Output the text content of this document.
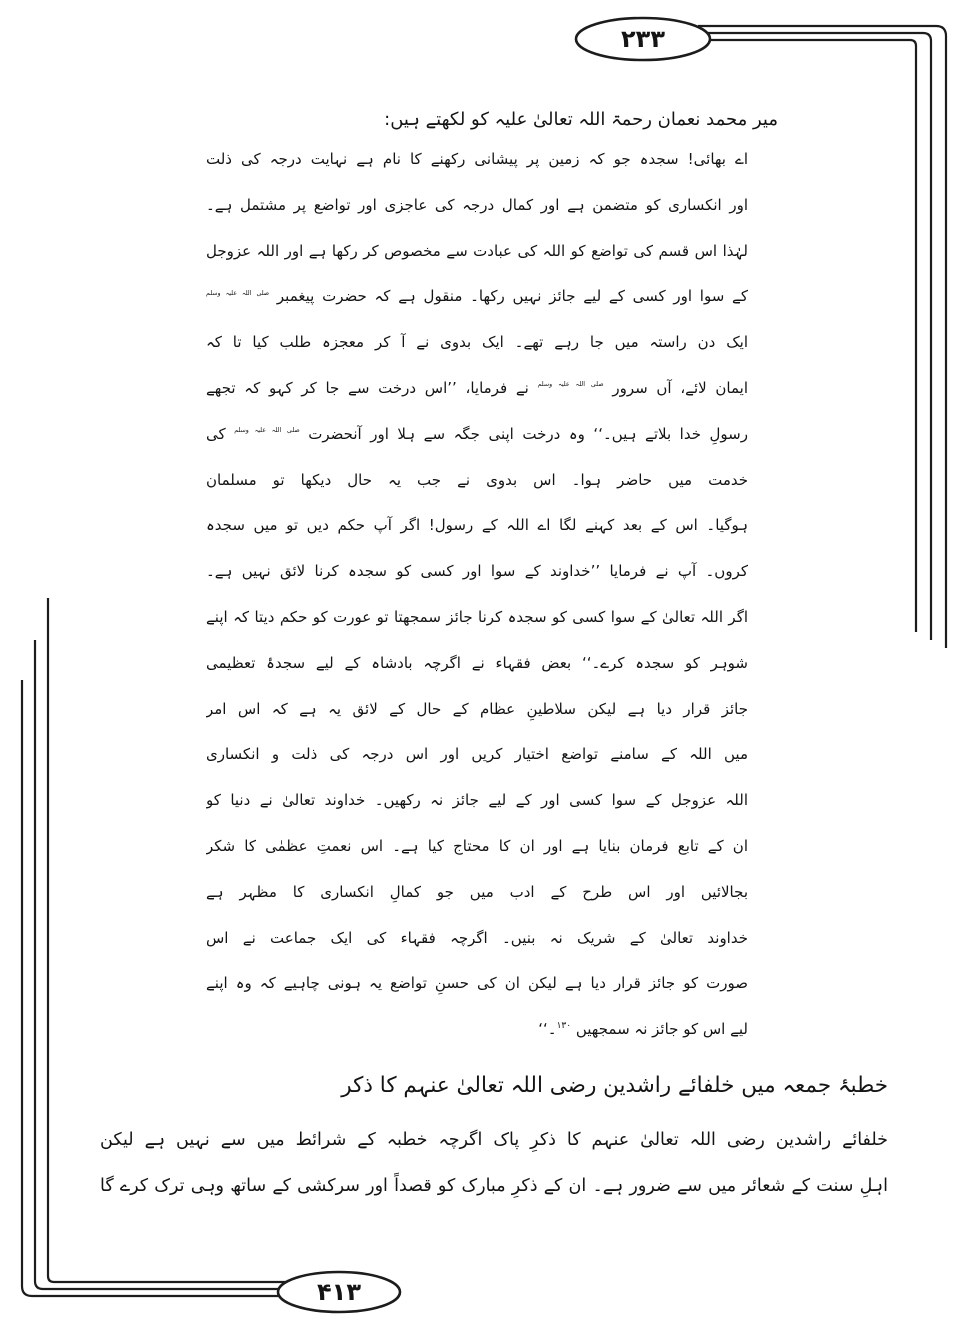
۲۳۳
۴۱۳
میر محمد نعمان رحمۃ اللہ تعالیٰ علیہ کو لکھتے ہیں:
اے بھائی! سجدہ جو کہ زمین پر پیشانی رکھنے کا نام ہے نہایت درجہ کی ذلت
اور انکساری کو متضمن ہے اور کمال درجہ کی عاجزی اور تواضع پر مشتمل ہے۔
لہٰذا اس قسم کی تواضع کو اللہ کی عبادت سے مخصوص کر رکھا ہے اور اللہ عزوجل
کے سوا اور کسی کے لیے جائز نہیں رکھا۔ منقول ہے کہ حضرت پیغمبر $^{صلی اللہ علیہ وسلم}$
ایک دن راستہ میں جا رہے تھے۔ ایک بدوی نے آ کر معجزہ طلب کیا تا کہ
ایمان لائے، آں سرور $^{صلی اللہ علیہ وسلم}$ نے فرمایا، ’’اس درخت سے جا کر کہو کہ تجھے
رسولِ خدا بلاتے ہیں۔‘‘ وہ درخت اپنی جگہ سے ہلا اور آنحضرت $^{صلی اللہ علیہ وسلم}$ کی
خدمت میں حاضر ہوا۔ اس بدوی نے جب یہ حال دیکھا تو مسلمان
ہوگیا۔ اس کے بعد کہنے لگا اے اللہ کے رسول! اگر آپ حکم دیں تو میں سجدہ
کروں۔ آپ نے فرمایا ’’خداوند کے سوا اور کسی کو سجدہ کرنا لائق نہیں ہے۔
اگر اللہ تعالیٰ کے سوا کسی کو سجدہ کرنا جائز سمجھتا تو عورت کو حکم دیتا کہ اپنے
شوہر کو سجدہ کرے۔‘‘ بعض فقہاء نے اگرچہ بادشاہ کے لیے سجدۂ تعظیمی
جائز قرار دیا ہے لیکن سلاطینِ عظام کے حال کے لائق یہ ہے کہ اس امر
میں اللہ کے سامنے تواضع اختیار کریں اور اس درجہ کی ذلت و انکساری
اللہ عزوجل کے سوا کسی اور کے لیے جائز نہ رکھیں۔ خداوند تعالیٰ نے دنیا کو
ان کے تابع فرمان بنایا ہے اور ان کا محتاج کیا ہے۔ اس نعمتِ عظمٰی کا شکر
بجالائیں اور اس طرح کے ادب میں جو کمالِ انکساری کا مظہر ہے
خداوند تعالیٰ کے شریک نہ بنیں۔ اگرچہ فقہاء کی ایک جماعت نے اس
صورت کو جائز قرار دیا ہے لیکن ان کی حسنِ تواضع یہ ہونی چاہیے کہ وہ اپنے
لیے اس کو جائز نہ سمجھیں $^{۱۳۰}$۔‘‘
خطبۂ جمعہ میں خلفائے راشدین رضی اللہ تعالیٰ عنہم کا ذکر
خلفائے راشدین رضی اللہ تعالیٰ عنہم کا ذکرِ پاک اگرچہ خطبہ کے شرائط میں سے نہیں ہے لیکن
اہلِ سنت کے شعائر میں سے ضرور ہے۔ ان کے ذکرِ مبارک کو قصداً اور سرکشی کے ساتھ وہی ترک کرے گا
